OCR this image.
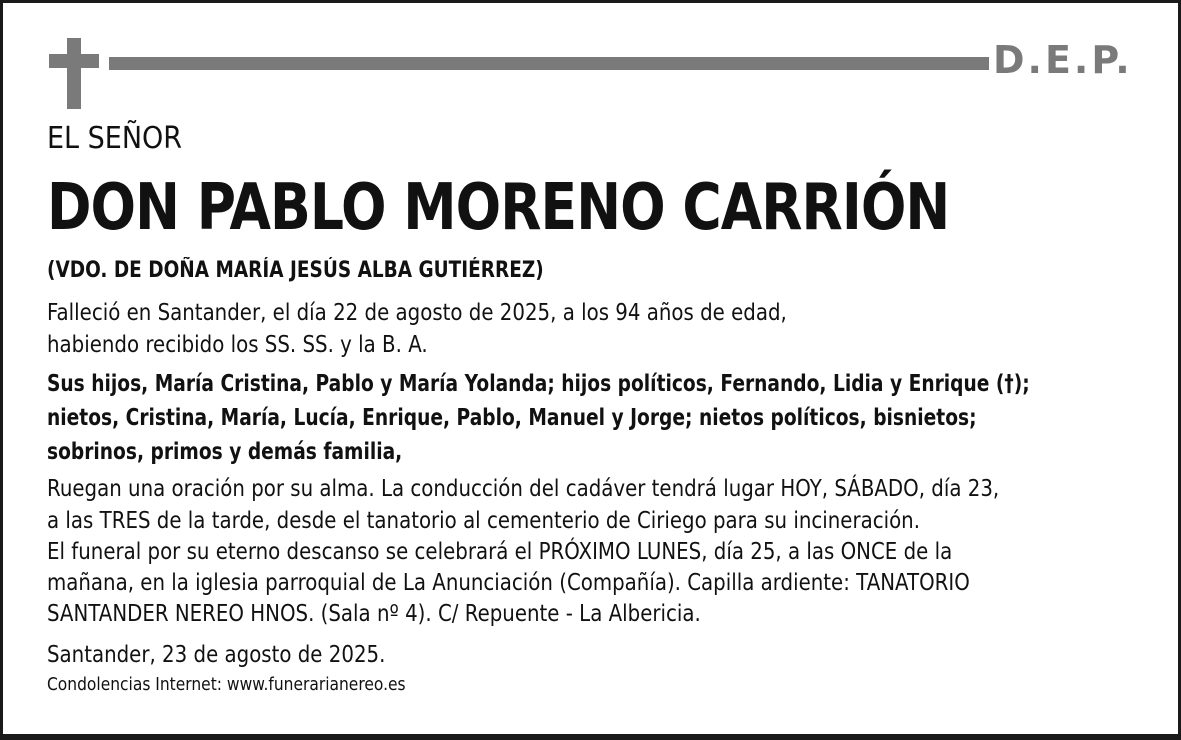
D.E.P.
EL SEÑOR
DON PABLO MORENO CARRIÓN
(VDO. DE DOÑA MARÍA JESÚS ALBA GUTIÉRREZ)
Falleció en Santander, el día 22 de agosto de 2025, a los 94 años de edad,
habiendo recibido los SS. SS. y la B. A.
Sus hijos, María Cristina, Pablo y María Yolanda; hijos políticos, Fernando, Lidia y Enrique (†);
nietos, Cristina, María, Lucía, Enrique, Pablo, Manuel y Jorge; nietos políticos, bisnietos;
sobrinos, primos y demás familia,
Ruegan una oración por su alma. La conducción del cadáver tendrá lugar HOY, SÁBADO, día 23,
a las TRES de la tarde, desde el tanatorio al cementerio de Ciriego para su incineración.
El funeral por su eterno descanso se celebrará el PRÓXIMO LUNES, día 25, a las ONCE de la
mañana, en la iglesia parroquial de La Anunciación (Compañía). Capilla ardiente: TANATORIO
SANTANDER NEREO HNOS. (Sala nº 4). C/ Repuente - La Albericia.
Santander, 23 de agosto de 2025.
Condolencias Internet: www.funerarianereo.es
